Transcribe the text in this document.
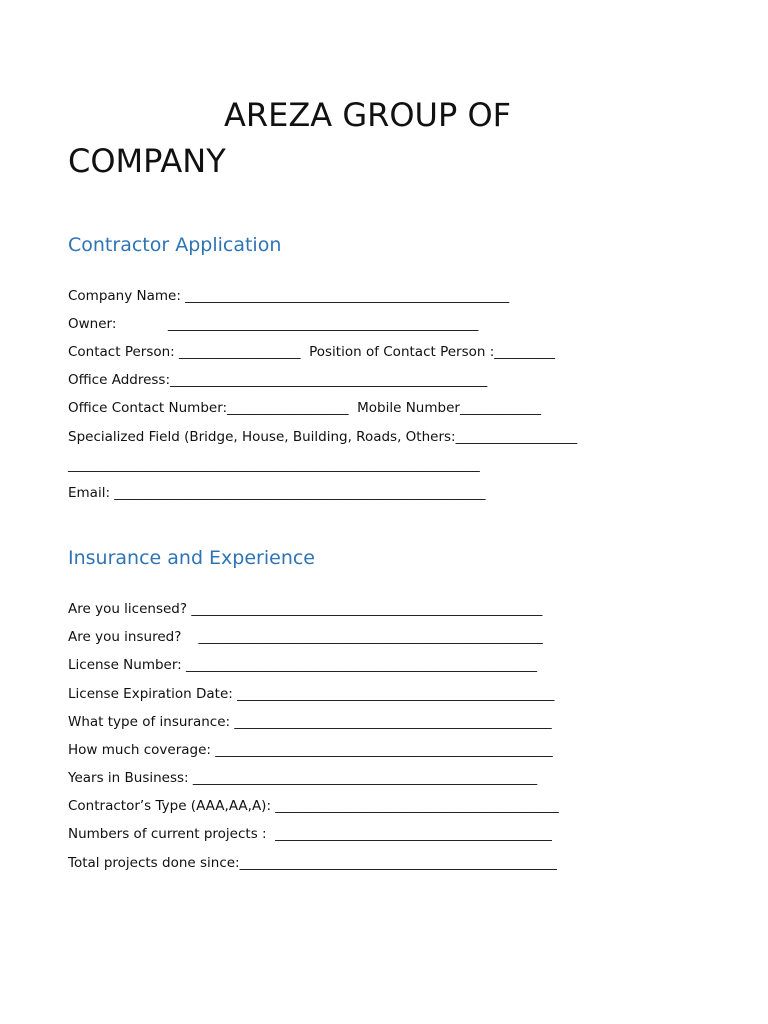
AREZA GROUP OF
COMPANY
Contractor Application

Company Name: ________________________________________________

Owner:            ______________________________________________

Contact Person: __________________  Position of Contact Person :_________

Office Address:_______________________________________________

Office Contact Number:__________________  Mobile Number____________

Specialized Field (Bridge, House, Building, Roads, Others:__________________

_____________________________________________________________

Email: _______________________________________________________

Insurance and Experience

Are you licensed? ____________________________________________________

Are you insured?    ___________________________________________________

License Number: ____________________________________________________

License Expiration Date: _______________________________________________

What type of insurance: _______________________________________________

How much coverage: __________________________________________________

Years in Business: ___________________________________________________

Contractor’s Type (AAA,AA,A): __________________________________________

Numbers of current projects :  _________________________________________

Total projects done since:_______________________________________________
